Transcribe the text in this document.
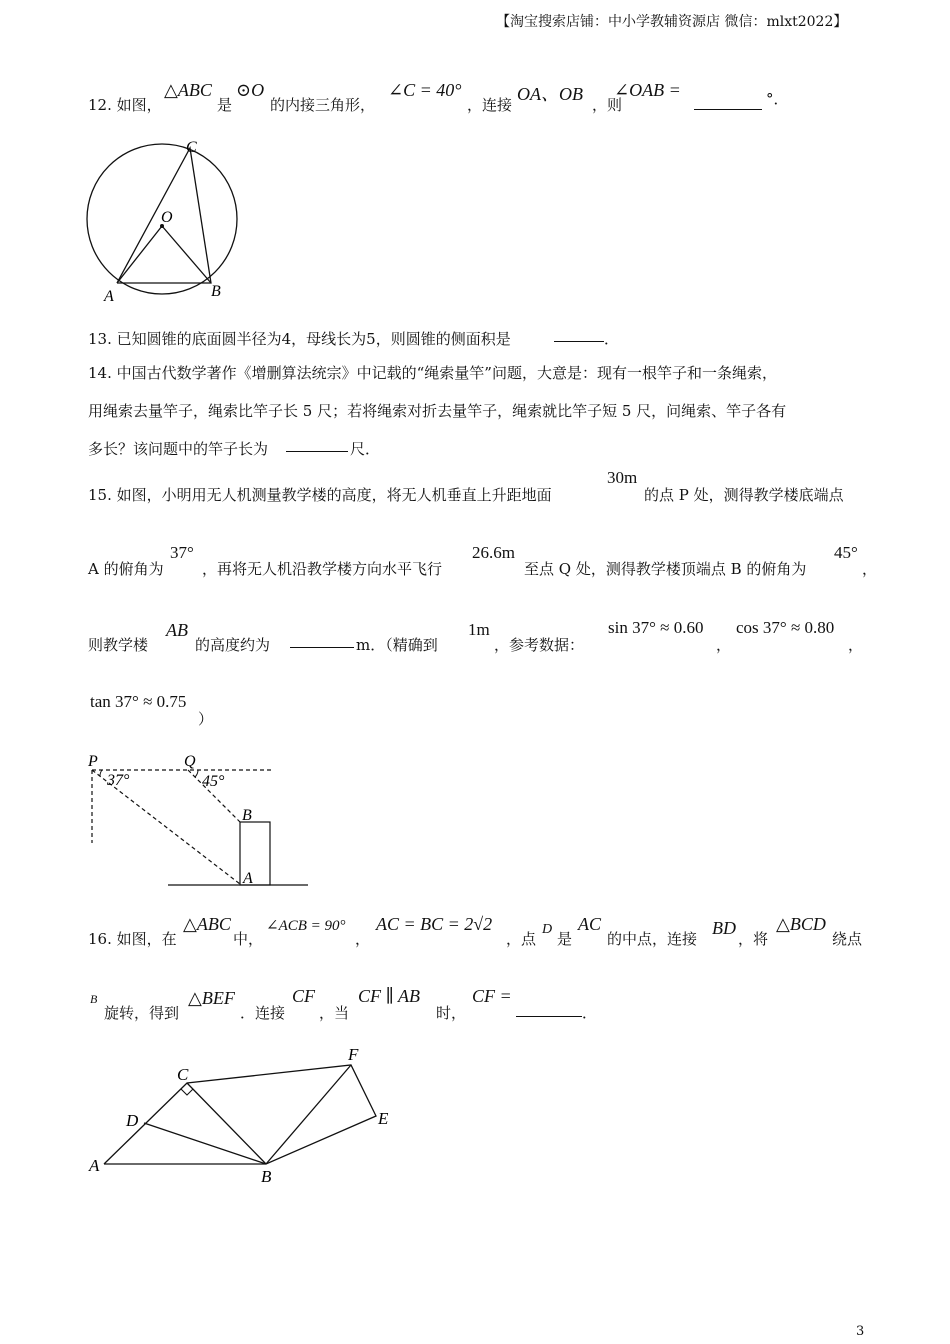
【淘宝搜索店铺：中小学教辅资源店 微信：mlxt2022】
12. 如图，
△ABC
是
⊙O
的内接三角形，
∠C = 40°
，连接
OA、OB
，则
∠OAB =	°．
C
O
A	B
13. 已知圆锥的底面圆半径为4，母线长为5，则圆锥的侧面积是	．
14. 中国古代数学著作《增删算法统宗》中记载的“绳索量竿”问题，大意是：现有一根竿子和一条绳索，
用绳索去量竿子，绳索比竿子长 5 尺；若将绳索对折去量竿子，绳索就比竿子短 5 尺，问绳索、竿子各有
多长？该问题中的竿子长为	尺．
15. 如图，小明用无人机测量教学楼的高度，将无人机垂直上升距地面
30m
的点 P 处，测得教学楼底端点
A 的俯角为
37°
，再将无人机沿教学楼方向水平飞行
26.6m
至点 Q 处，测得教学楼顶端点 B 的俯角为
45°
，
则教学楼
AB
的高度约为	m．（精确到
1m
，参考数据：
sin 37° ≈ 0.60
，
cos 37° ≈ 0.80
，
tan 37° ≈ 0.75
）
P	Q
37°	45°
B
A
16. 如图，在
△ABC
中，
∠ACB = 90°
，
AC = BC = 2√2
，点
D
是
AC
的中点，连接
BD
，将
△BCD
绕点
B
旋转，得到
△BEF
．连接
CF
，当
CF ∥ AB
时，
CF =
．
A
B
C
D	E
F
3
